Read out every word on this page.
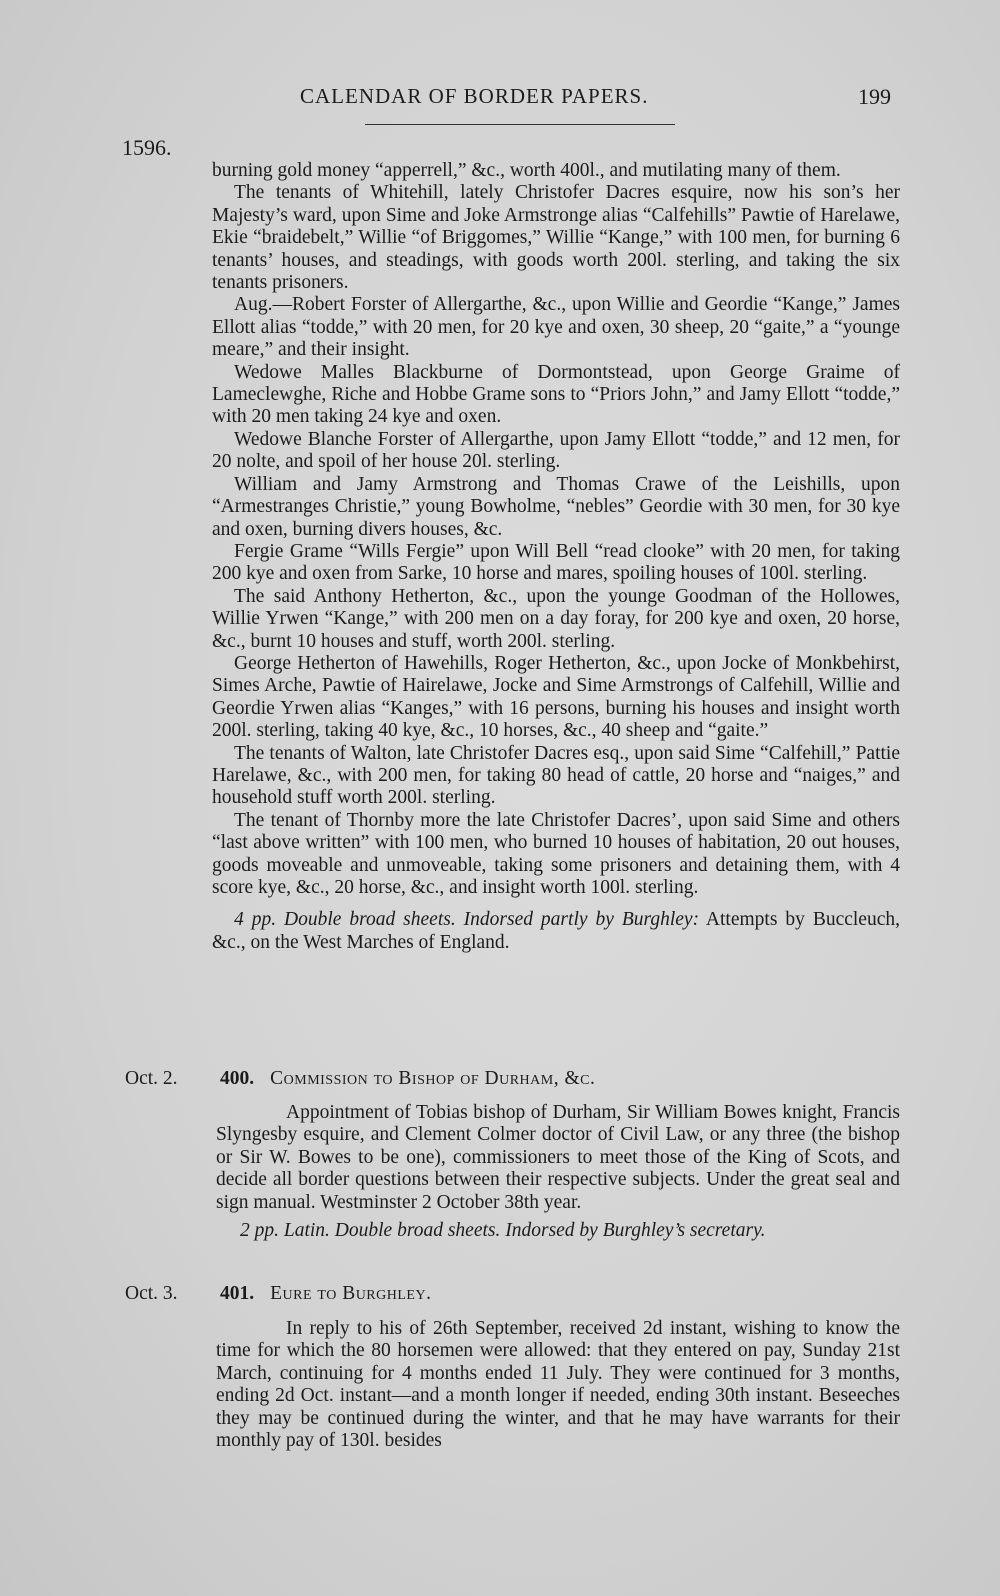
CALENDAR OF BORDER PAPERS.	199
1596.

burning gold money “apperrell,” &c., worth 400l., and mutilating many of them.

The tenants of Whitehill, lately Christofer Dacres esquire, now his son’s her Majesty’s ward, upon Sime and Joke Armstronge alias “Calfehills” Pawtie of Harelawe, Ekie “braidebelt,” Willie “of Briggomes,” Willie “Kange,” with 100 men, for burning 6 tenants’ houses, and steadings, with goods worth 200l. sterling, and taking the six tenants prisoners.

Aug.—Robert Forster of Allergarthe, &c., upon Willie and Geordie “Kange,” James Ellott alias “todde,” with 20 men, for 20 kye and oxen, 30 sheep, 20 “gaite,” a “younge meare,” and their insight.

Wedowe Malles Blackburne of Dormontstead, upon George Graime of Lameclewghe, Riche and Hobbe Grame sons to “Priors John,” and Jamy Ellott “todde,” with 20 men taking 24 kye and oxen.

Wedowe Blanche Forster of Allergarthe, upon Jamy Ellott “todde,” and 12 men, for 20 nolte, and spoil of her house 20l. sterling.

William and Jamy Armstrong and Thomas Crawe of the Leishills, upon “Armestranges Christie,” young Bowholme, “nebles” Geordie with 30 men, for 30 kye and oxen, burning divers houses, &c.

Fergie Grame “Wills Fergie” upon Will Bell “read clooke” with 20 men, for taking 200 kye and oxen from Sarke, 10 horse and mares, spoiling houses of 100l. sterling.

The said Anthony Hetherton, &c., upon the younge Goodman of the Hollowes, Willie Yrwen “Kange,” with 200 men on a day foray, for 200 kye and oxen, 20 horse, &c., burnt 10 houses and stuff, worth 200l. sterling.

George Hetherton of Hawehills, Roger Hetherton, &c., upon Jocke of Monkbehirst, Simes Arche, Pawtie of Hairelawe, Jocke and Sime Armstrongs of Calfehill, Willie and Geordie Yrwen alias “Kanges,” with 16 persons, burning his houses and insight worth 200l. sterling, taking 40 kye, &c., 10 horses, &c., 40 sheep and “gaite.”

The tenants of Walton, late Christofer Dacres esq., upon said Sime “Calfehill,” Pattie Harelawe, &c., with 200 men, for taking 80 head of cattle, 20 horse and “naiges,” and household stuff worth 200l. sterling.

The tenant of Thornby more the late Christofer Dacres’, upon said Sime and others “last above written” with 100 men, who burned 10 houses of habitation, 20 out houses, goods moveable and unmoveable, taking some prisoners and detaining them, with 4 score kye, &c., 20 horse, &c., and insight worth 100l. sterling.

4 pp. Double broad sheets. Indorsed partly by Burghley: Attempts by Buccleuch, &c., on the West Marches of England.

Oct. 2. 400. Commission to Bishop of Durham, &c.

Appointment of Tobias bishop of Durham, Sir William Bowes knight, Francis Slyngesby esquire, and Clement Colmer doctor of Civil Law, or any three (the bishop or Sir W. Bowes to be one), commissioners to meet those of the King of Scots, and decide all border questions between their respective subjects. Under the great seal and sign manual. Westminster 2 October 38th year.

2 pp. Latin. Double broad sheets. Indorsed by Burghley’s secretary.

Oct. 3. 401. Eure to Burghley.

In reply to his of 26th September, received 2d instant, wishing to know the time for which the 80 horsemen were allowed: that they entered on pay, Sunday 21st March, continuing for 4 months ended 11 July. They were continued for 3 months, ending 2d Oct. instant—and a month longer if needed, ending 30th instant. Beseeches they may be continued during the winter, and that he may have warrants for their monthly pay of 130l. besides
